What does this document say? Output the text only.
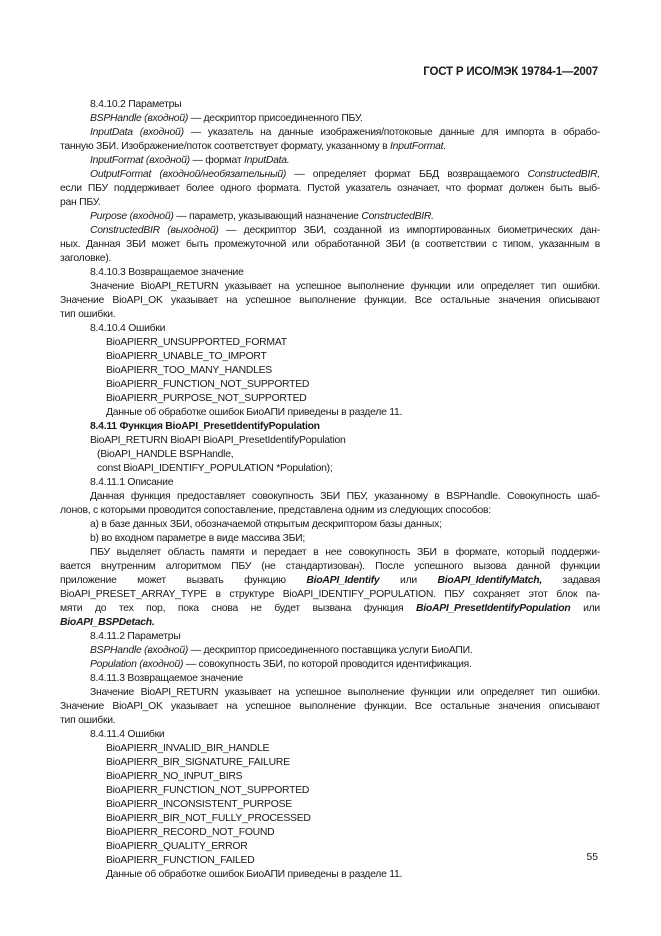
ГОСТ Р ИСО/МЭК 19784-1—2007
8.4.10.2 Параметры
BSPHandle (входной) — дескриптор присоединенного ПБУ.
InputData (входной) — указатель на данные изображения/потоковые данные для импорта в обрабо-
танную ЗБИ. Изображение/поток соответствует формату, указанному в InputFormat.
InputFormat (входной) — формат InputData.
OutputFormat (входной/необязательный) — определяет формат ББД возвращаемого ConstructedBIR,
если ПБУ поддерживает более одного формата. Пустой указатель означает, что формат должен быть выб-
ран ПБУ.
Purpose (входной) — параметр, указывающий назначение ConstructedBIR.
ConstructedBIR (выходной) — дескриптор ЗБИ, созданной из импортированных биометрических дан-
ных. Данная ЗБИ может быть промежуточной или обработанной ЗБИ (в соответствии с типом, указанным в
заголовке).
8.4.10.3 Возвращаемое значение
Значение BioAPI_RETURN указывает на успешное выполнение функции или определяет тип ошибки.
Значение BioAPI_OK указывает на успешное выполнение функции. Все остальные значения описывают
тип ошибки.
8.4.10.4 Ошибки
BioAPIERR_UNSUPPORTED_FORMAT
BioAPIERR_UNABLE_TO_IMPORT
BioAPIERR_TOO_MANY_HANDLES
BioAPIERR_FUNCTION_NOT_SUPPORTED
BioAPIERR_PURPOSE_NOT_SUPPORTED
Данные об обработке ошибок БиоАПИ приведены в разделе 11.
8.4.11 Функция BioAPI_PresetIdentifyPopulation
BioAPI_RETURN BioAPI BioAPI_PresetIdentifyPopulation
(BioAPI_HANDLE BSPHandle,
const BioAPI_IDENTIFY_POPULATION *Population);
8.4.11.1 Описание
Данная функция предоставляет совокупность ЗБИ ПБУ, указанному в BSPHandle. Совокупность шаб-
лонов, с которыми проводится сопоставление, представлена одним из следующих способов:
a) в базе данных ЗБИ, обозначаемой открытым дескриптором базы данных;
b) во входном параметре в виде массива ЗБИ;
ПБУ выделяет область памяти и передает в нее совокупность ЗБИ в формате, который поддержи-
вается внутренним алгоритмом ПБУ (не стандартизован). После успешного вызова данной функции
приложение может вызвать функцию BioAPI_Identify или BioAPI_IdentifyMatch, задавая
BioAPI_PRESET_ARRAY_TYPE в структуре BioAPI_IDENTIFY_POPULATION. ПБУ сохраняет этот блок па-
мяти до тех пор, пока снова не будет вызвана функция BioAPI_PresetIdentifyPopulation или
BioAPI_BSPDetach.
8.4.11.2 Параметры
BSPHandle (входной) — дескриптор присоединенного поставщика услуги БиоАПИ.
Population (входной) — совокупность ЗБИ, по которой проводится идентификация.
8.4.11.3 Возвращаемое значение
Значение BioAPI_RETURN указывает на успешное выполнение функции или определяет тип ошибки.
Значение BioAPI_OK указывает на успешное выполнение функции. Все остальные значения описывают
тип ошибки.
8.4.11.4 Ошибки
BioAPIERR_INVALID_BIR_HANDLE
BioAPIERR_BIR_SIGNATURE_FAILURE
BioAPIERR_NO_INPUT_BIRS
BioAPIERR_FUNCTION_NOT_SUPPORTED
BioAPIERR_INCONSISTENT_PURPOSE
BioAPIERR_BIR_NOT_FULLY_PROCESSED
BioAPIERR_RECORD_NOT_FOUND
BioAPIERR_QUALITY_ERROR
BioAPIERR_FUNCTION_FAILED
Данные об обработке ошибок БиоАПИ приведены в разделе 11.
55
